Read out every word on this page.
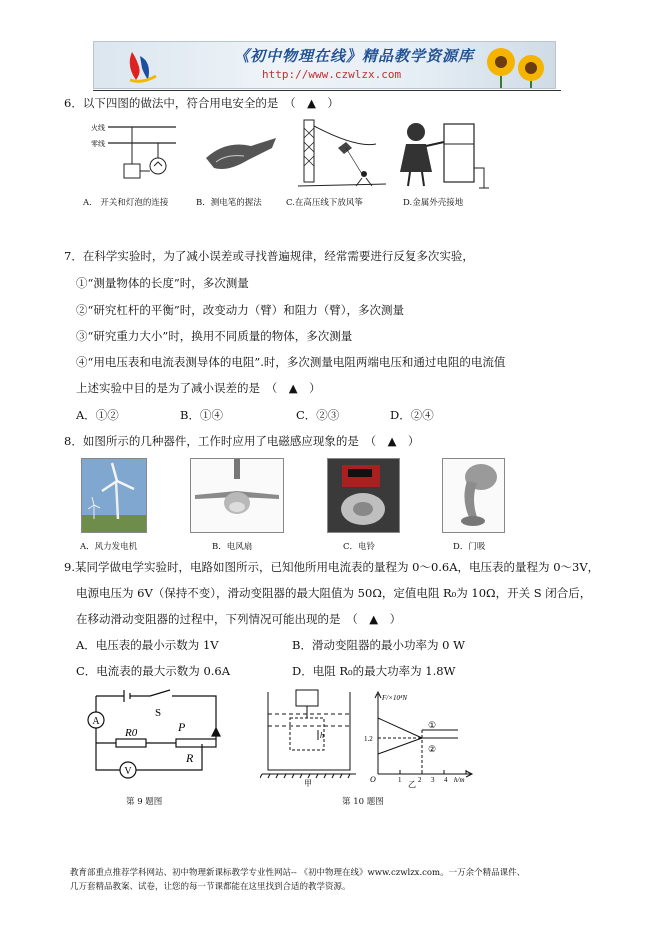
《初中物理在线》精品教学资源库
http://www.czwlzx.com
6．以下四图的做法中，符合用电安全的是　（　▲　）
火线
零线
A.　开关和灯泡的连接	B．测电笔的握法	C.在高压线下放风筝	D.金属外壳接地
7．在科学实验时，为了减小误差或寻找普遍规律，经常需要进行反复多次实验，
①“测量物体的长度”时，多次测量
②“研究杠杆的平衡”时，改变动力（臂）和阻力（臂），多次测量
③“研究重力大小”时，换用不同质量的物体，多次测量
④“用电压表和电流表测导体的电阻”.时，多次测量电阻两端电压和通过电阻的电流值
上述实验中目的是为了减小误差的是　（　▲　）
A．①②	B．①④	C．②③	D．②④
8．如图所示的几种器件，工作时应用了电磁感应现象的是　（　▲　）
A．风力发电机	B．电风扇	C．电铃	D．门吸
9.某同学做电学实验时，电路如图所示，已知他所用电流表的量程为 0～0.6A，电压表的量程为 0～3V，
电源电压为 6V（保持不变），滑动变阻器的最大阻值为 50Ω，定值电阻 R₀为 10Ω，开关 S 闭合后，
在移动滑动变阻器的过程中，下列情况可能出现的是　（　▲　）
A．电压表的最小示数为 1V	B．滑动变阻器的最小功率为 0 W
C．电流表的最大示数为 0.6A	D．电阻 R₀的最大功率为 1.8W
A
V
S
P
R0
R
第 9 题图
h
甲
F/×10⁴N
1.2
①
②
O	1 2 3 4 h/m
乙
第 10 题图
教育部重点推荐学科网站、初中物理新课标教学专业性网站-- 《初中物理在线》www.czwlzx.com。一万余个精品课件、
几万套精品教案、试卷，让您的每一节课都能在这里找到合适的教学资源。
